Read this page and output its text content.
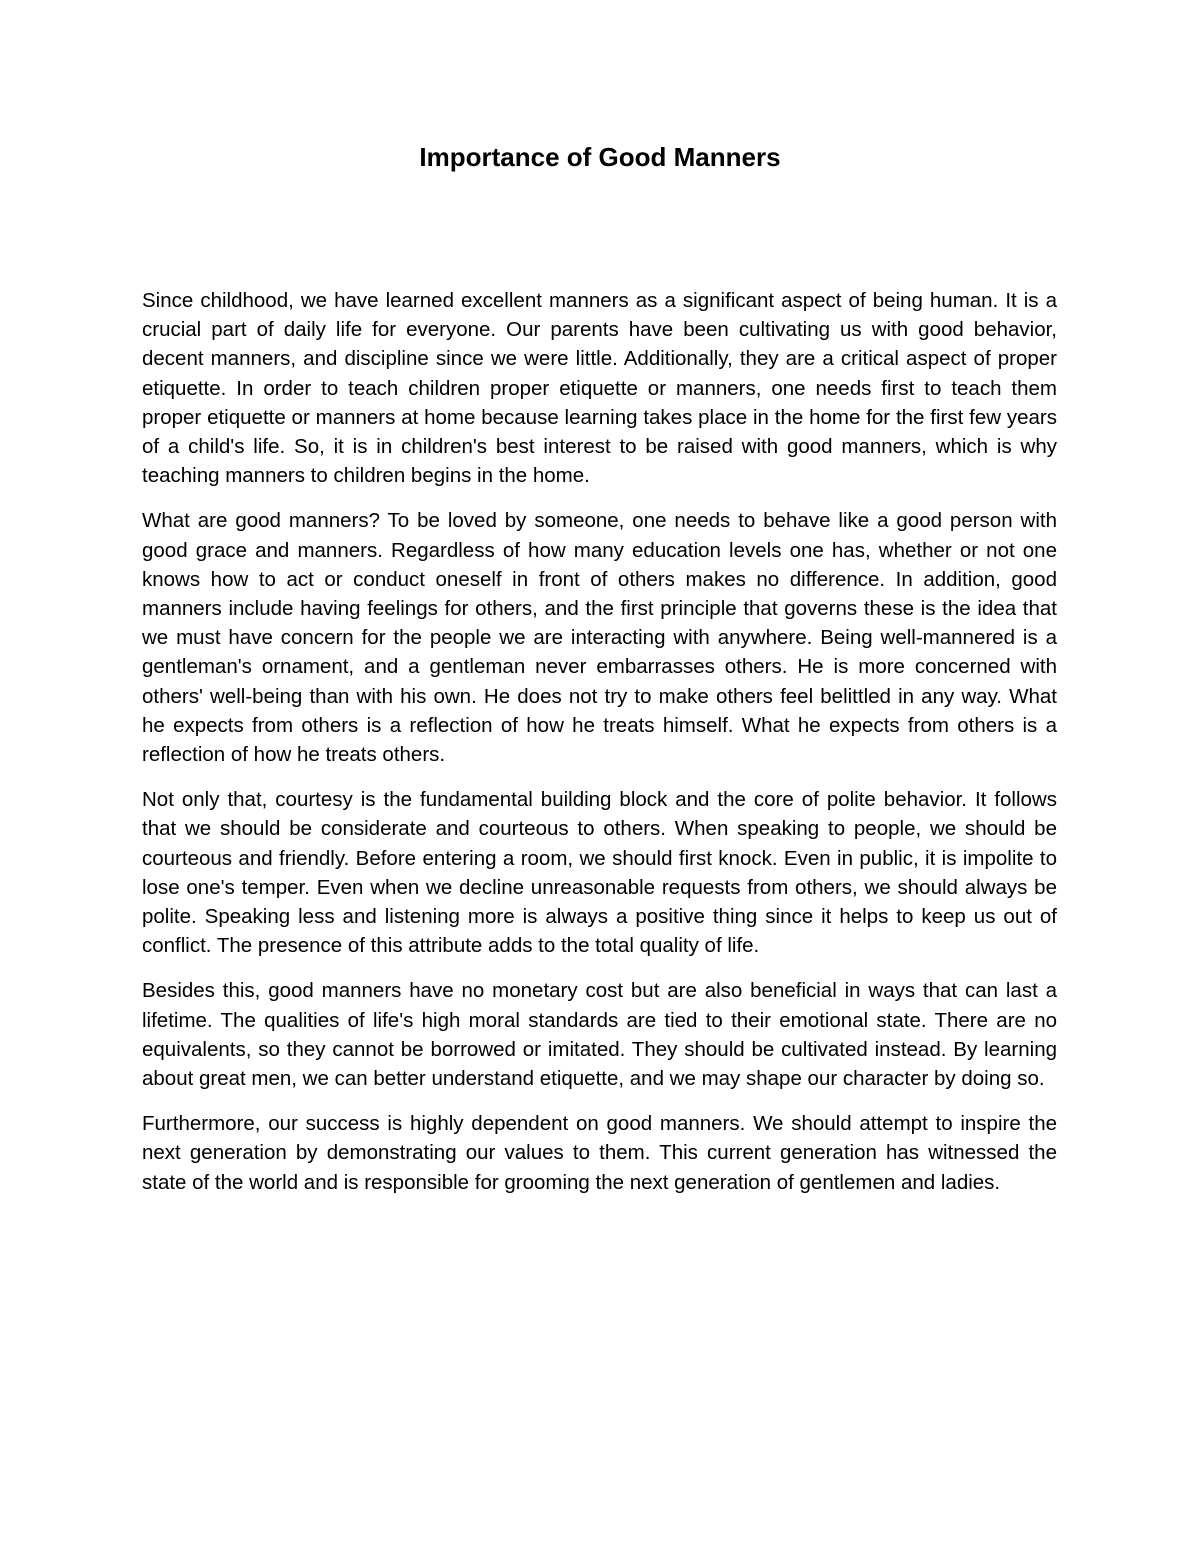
Importance of Good Manners

Since childhood, we have learned excellent manners as a significant aspect of being human. It is a crucial part of daily life for everyone. Our parents have been cultivating us with good behavior, decent manners, and discipline since we were little. Additionally, they are a critical aspect of proper etiquette. In order to teach children proper etiquette or manners, one needs first to teach them proper etiquette or manners at home because learning takes place in the home for the first few years of a child's life. So, it is in children's best interest to be raised with good manners, which is why teaching manners to children begins in the home.

What are good manners? To be loved by someone, one needs to behave like a good person with good grace and manners. Regardless of how many education levels one has, whether or not one knows how to act or conduct oneself in front of others makes no difference. In addition, good manners include having feelings for others, and the first principle that governs these is the idea that we must have concern for the people we are interacting with anywhere. Being well-mannered is a gentleman's ornament, and a gentleman never embarrasses others. He is more concerned with others' well-being than with his own. He does not try to make others feel belittled in any way. What he expects from others is a reflection of how he treats himself. What he expects from others is a reflection of how he treats others.

Not only that, courtesy is the fundamental building block and the core of polite behavior. It follows that we should be considerate and courteous to others. When speaking to people, we should be courteous and friendly. Before entering a room, we should first knock. Even in public, it is impolite to lose one's temper. Even when we decline unreasonable requests from others, we should always be polite. Speaking less and listening more is always a positive thing since it helps to keep us out of conflict. The presence of this attribute adds to the total quality of life.

Besides this, good manners have no monetary cost but are also beneficial in ways that can last a lifetime. The qualities of life's high moral standards are tied to their emotional state. There are no equivalents, so they cannot be borrowed or imitated. They should be cultivated instead. By learning about great men, we can better understand etiquette, and we may shape our character by doing so.

Furthermore, our success is highly dependent on good manners. We should attempt to inspire the next generation by demonstrating our values to them. This current generation has witnessed the state of the world and is responsible for grooming the next generation of gentlemen and ladies.
